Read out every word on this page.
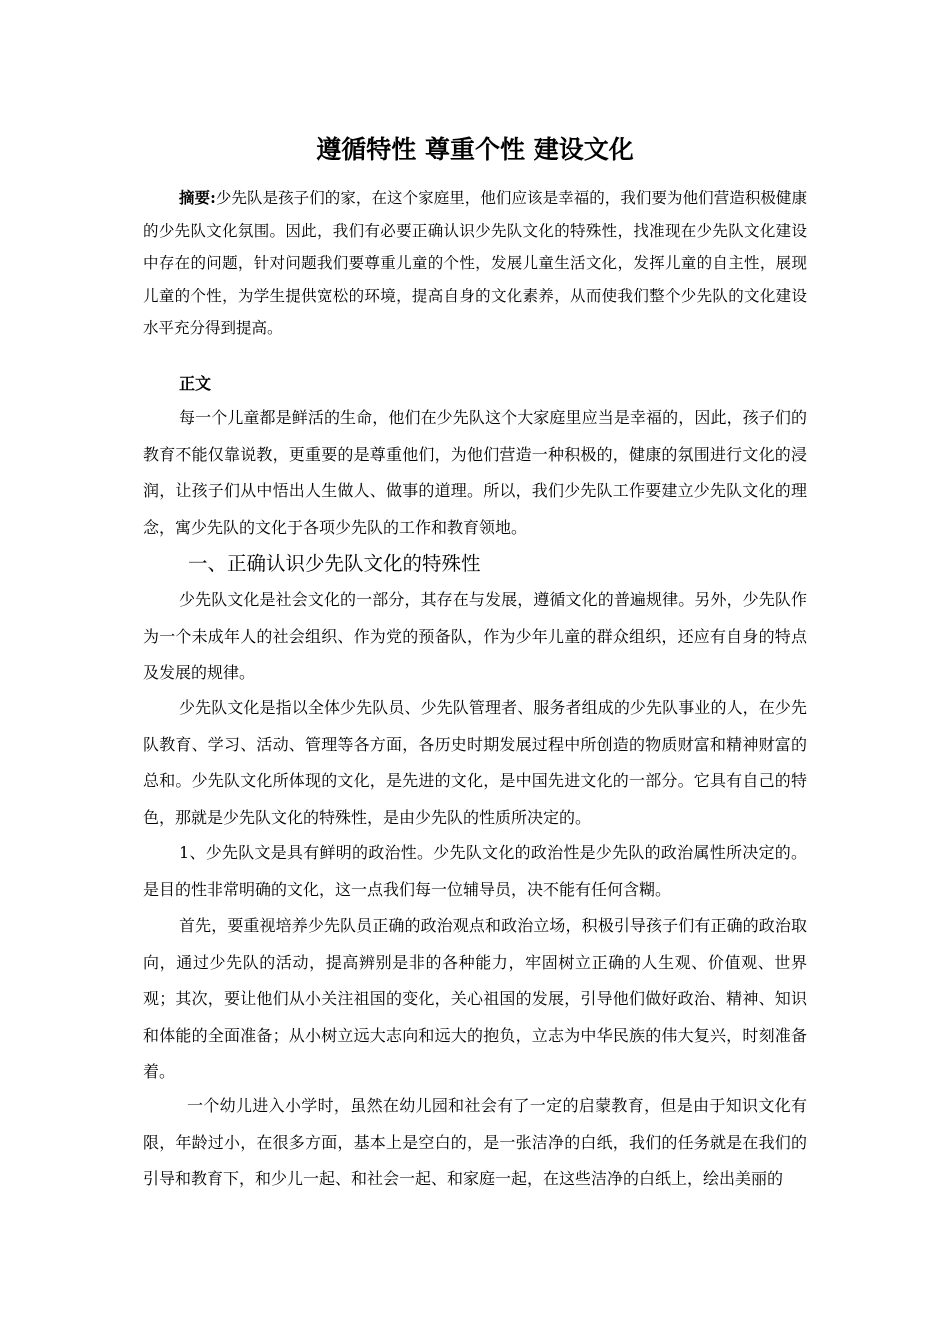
遵循特性 尊重个性 建设文化

摘要:少先队是孩子们的家，在这个家庭里，他们应该是幸福的，我们要为他们营造积极健康的少先队文化氛围。因此，我们有必要正确认识少先队文化的特殊性，找准现在少先队文化建设中存在的问题，针对问题我们要尊重儿童的个性，发展儿童生活文化，发挥儿童的自主性，展现儿童的个性，为学生提供宽松的环境，提高自身的文化素养，从而使我们整个少先队的文化建设水平充分得到提高。

正文

每一个儿童都是鲜活的生命，他们在少先队这个大家庭里应当是幸福的，因此，孩子们的教育不能仅靠说教，更重要的是尊重他们，为他们营造一种积极的，健康的氛围进行文化的浸润，让孩子们从中悟出人生做人、做事的道理。所以，我们少先队工作要建立少先队文化的理念，寓少先队的文化于各项少先队的工作和教育领地。

一、正确认识少先队文化的特殊性

少先队文化是社会文化的一部分，其存在与发展，遵循文化的普遍规律。另外，少先队作为一个未成年人的社会组织、作为党的预备队，作为少年儿童的群众组织，还应有自身的特点及发展的规律。

少先队文化是指以全体少先队员、少先队管理者、服务者组成的少先队事业的人，在少先队教育、学习、活动、管理等各方面，各历史时期发展过程中所创造的物质财富和精神财富的总和。少先队文化所体现的文化，是先进的文化，是中国先进文化的一部分。它具有自己的特色，那就是少先队文化的特殊性，是由少先队的性质所决定的。

1、少先队文是具有鲜明的政治性。少先队文化的政治性是少先队的政治属性所决定的。是目的性非常明确的文化，这一点我们每一位辅导员，决不能有任何含糊。

首先，要重视培养少先队员正确的政治观点和政治立场，积极引导孩子们有正确的政治取向，通过少先队的活动，提高辨别是非的各种能力，牢固树立正确的人生观、价值观、世界观；其次，要让他们从小关注祖国的变化，关心祖国的发展，引导他们做好政治、精神、知识和体能的全面准备；从小树立远大志向和远大的抱负，立志为中华民族的伟大复兴，时刻准备着。

一个幼儿进入小学时，虽然在幼儿园和社会有了一定的启蒙教育，但是由于知识文化有限，年龄过小，在很多方面，基本上是空白的，是一张洁净的白纸，我们的任务就是在我们的引导和教育下，和少儿一起、和社会一起、和家庭一起，在这些洁净的白纸上，绘出美丽的
